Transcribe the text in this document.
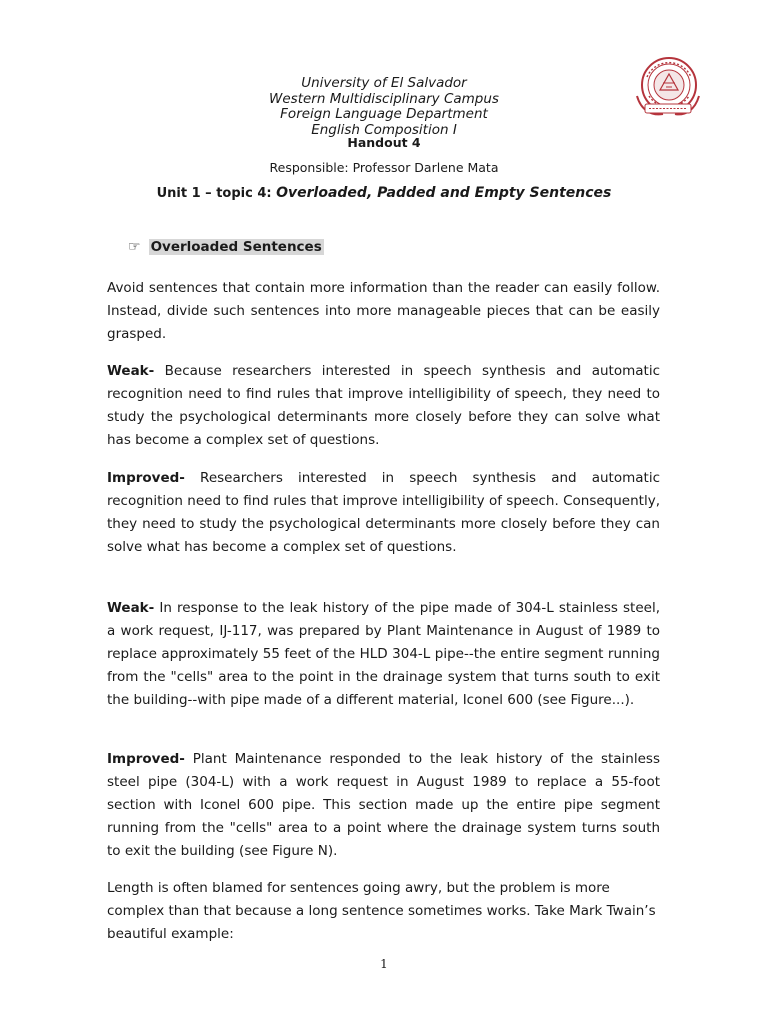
University of El Salvador
Western Multidisciplinary Campus
Foreign Language Department
English Composition I
Handout 4
Responsible: Professor Darlene Mata
Unit 1 – topic 4: Overloaded, Padded and Empty Sentences
☞ Overloaded Sentences

Avoid sentences that contain more information than the reader can easily follow. Instead, divide such sentences into more manageable pieces that can be easily grasped.

Weak- Because researchers interested in speech synthesis and automatic recognition need to find rules that improve intelligibility of speech, they need to study the psychological determinants more closely before they can solve what has become a complex set of questions.

Improved- Researchers interested in speech synthesis and automatic recognition need to find rules that improve intelligibility of speech. Consequently, they need to study the psychological determinants more closely before they can solve what has become a complex set of questions.

Weak- In response to the leak history of the pipe made of 304-L stainless steel, a work request, IJ-117, was prepared by Plant Maintenance in August of 1989 to replace approximately 55 feet of the HLD 304-L pipe--the entire segment running from the "cells" area to the point in the drainage system that turns south to exit the building--with pipe made of a different material, Iconel 600 (see Figure...).

Improved- Plant Maintenance responded to the leak history of the stainless steel pipe (304-L) with a work request in August 1989 to replace a 55-foot section with Iconel 600 pipe. This section made up the entire pipe segment running from the "cells" area to a point where the drainage system turns south to exit the building (see Figure N).

Length is often blamed for sentences going awry, but the problem is more complex than that because a long sentence sometimes works. Take Mark Twain’s beautiful example:

1
